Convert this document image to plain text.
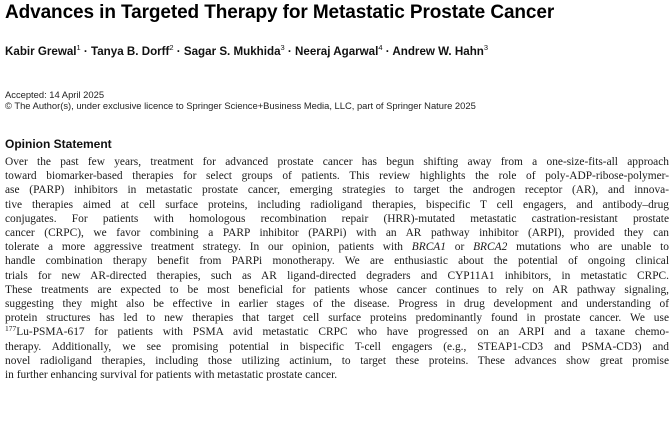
Advances in Targeted Therapy for Metastatic Prostate Cancer
Kabir Grewal$^1$ · Tanya B. Dorff$^2$ · Sagar S. Mukhida$^3$ · Neeraj Agarwal$^4$ · Andrew W. Hahn$^3$
Accepted: 14 April 2025
© The Author(s), under exclusive licence to Springer Science+Business Media, LLC, part of Springer Nature 2025
Opinion Statement
Over the past few years, treatment for advanced prostate cancer has begun shifting away from a one-size-fits-all approach
toward biomarker-based therapies for select groups of patients. This review highlights the role of poly-ADP-ribose-polymer-
ase (PARP) inhibitors in metastatic prostate cancer, emerging strategies to target the androgen receptor (AR), and innova-
tive therapies aimed at cell surface proteins, including radioligand therapies, bispecific T cell engagers, and antibody–drug
conjugates. For patients with homologous recombination repair (HRR)-mutated metastatic castration-resistant prostate
cancer (CRPC), we favor combining a PARP inhibitor (PARPi) with an AR pathway inhibitor (ARPI), provided they can
tolerate a more aggressive treatment strategy. In our opinion, patients with BRCA1 or BRCA2 mutations who are unable to
handle combination therapy benefit from PARPi monotherapy. We are enthusiastic about the potential of ongoing clinical
trials for new AR-directed therapies, such as AR ligand-directed degraders and CYP11A1 inhibitors, in metastatic CRPC.
These treatments are expected to be most beneficial for patients whose cancer continues to rely on AR pathway signaling,
suggesting they might also be effective in earlier stages of the disease. Progress in drug development and understanding of
protein structures has led to new therapies that target cell surface proteins predominantly found in prostate cancer. We use
$^{177}$Lu-PSMA-617 for patients with PSMA avid metastatic CRPC who have progressed on an ARPI and a taxane chemo-
therapy. Additionally, we see promising potential in bispecific T-cell engagers (e.g., STEAP1-CD3 and PSMA-CD3) and
novel radioligand therapies, including those utilizing actinium, to target these proteins. These advances show great promise
in further enhancing survival for patients with metastatic prostate cancer.
